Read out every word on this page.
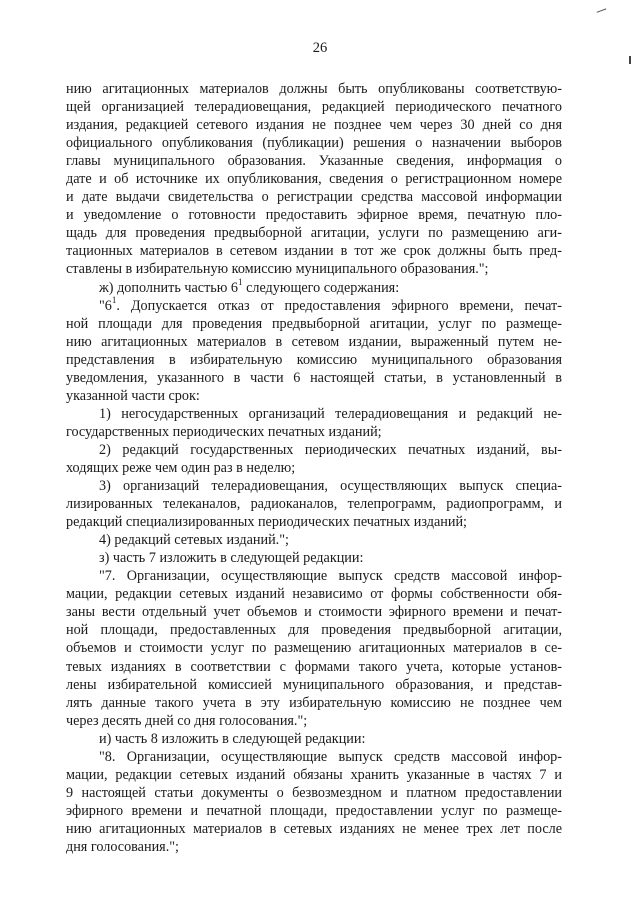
26
нию агитационных материалов должны быть опубликованы соответствую-
щей организацией телерадиовещания, редакцией периодического печатного
издания, редакцией сетевого издания не позднее чем через 30 дней со дня
официального опубликования (публикации) решения о назначении выборов
главы муниципального образования. Указанные сведения, информация о
дате и об источнике их опубликования, сведения о регистрационном номере
и дате выдачи свидетельства о регистрации средства массовой информации
и уведомление о готовности предоставить эфирное время, печатную пло-
щадь для проведения предвыборной агитации, услуги по размещению аги-
тационных материалов в сетевом издании в тот же срок должны быть пред-
ставлены в избирательную комиссию муниципального образования.";
ж) дополнить частью $6^1$ следующего содержания:
"$6^1$. Допускается отказ от предоставления эфирного времени, печат-
ной площади для проведения предвыборной агитации, услуг по размеще-
нию агитационных материалов в сетевом издании, выраженный путем не-
представления в избирательную комиссию муниципального образования
уведомления, указанного в части 6 настоящей статьи, в установленный в
указанной части срок:
1) негосударственных организаций телерадиовещания и редакций не-
государственных периодических печатных изданий;
2) редакций государственных периодических печатных изданий, вы-
ходящих реже чем один раз в неделю;
3) организаций телерадиовещания, осуществляющих выпуск специа-
лизированных телеканалов, радиоканалов, телепрограмм, радиопрограмм, и
редакций специализированных периодических печатных изданий;
4) редакций сетевых изданий.";
з) часть 7 изложить в следующей редакции:
"7. Организации, осуществляющие выпуск средств массовой инфор-
мации, редакции сетевых изданий независимо от формы собственности обя-
заны вести отдельный учет объемов и стоимости эфирного времени и печат-
ной площади, предоставленных для проведения предвыборной агитации,
объемов и стоимости услуг по размещению агитационных материалов в се-
тевых изданиях в соответствии с формами такого учета, которые установ-
лены избирательной комиссией муниципального образования, и представ-
лять данные такого учета в эту избирательную комиссию не позднее чем
через десять дней со дня голосования.";
и) часть 8 изложить в следующей редакции:
"8. Организации, осуществляющие выпуск средств массовой инфор-
мации, редакции сетевых изданий обязаны хранить указанные в частях 7 и
9 настоящей статьи документы о безвозмездном и платном предоставлении
эфирного времени и печатной площади, предоставлении услуг по размеще-
нию агитационных материалов в сетевых изданиях не менее трех лет после
дня голосования.";
